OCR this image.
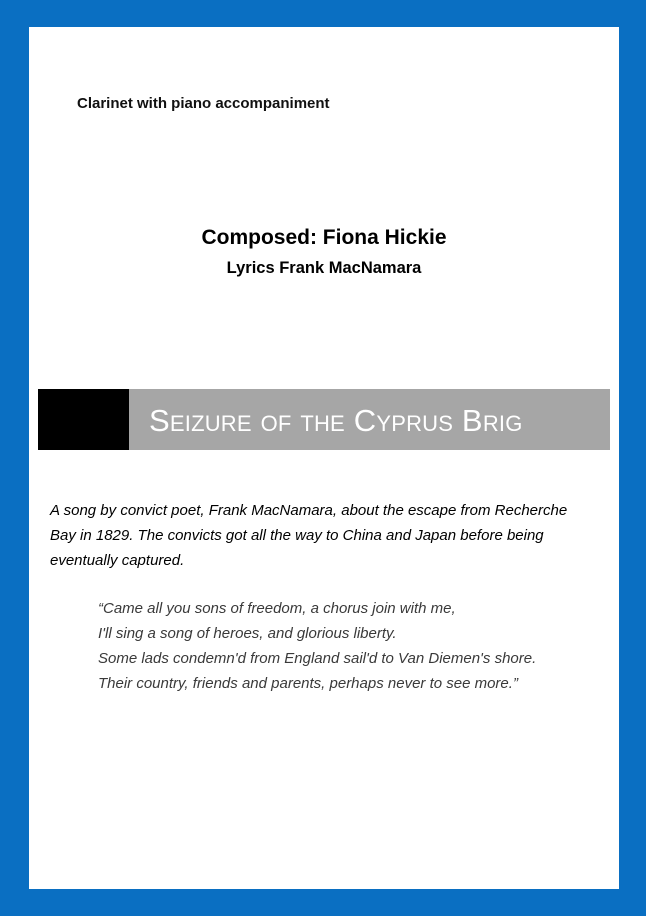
Clarinet with piano accompaniment
Composed: Fiona Hickie
Lyrics Frank MacNamara
Seizure of the Cyprus Brig

A song by convict poet, Frank MacNamara, about the escape from Recherche

Bay in 1829. The convicts got all the way to China and Japan before being

eventually captured.

“Came all you sons of freedom, a chorus join with me,
I'll sing a song of heroes, and glorious liberty.
Some lads condemn'd from England sail'd to Van Diemen's shore.
Their country, friends and parents, perhaps never to see more.”
